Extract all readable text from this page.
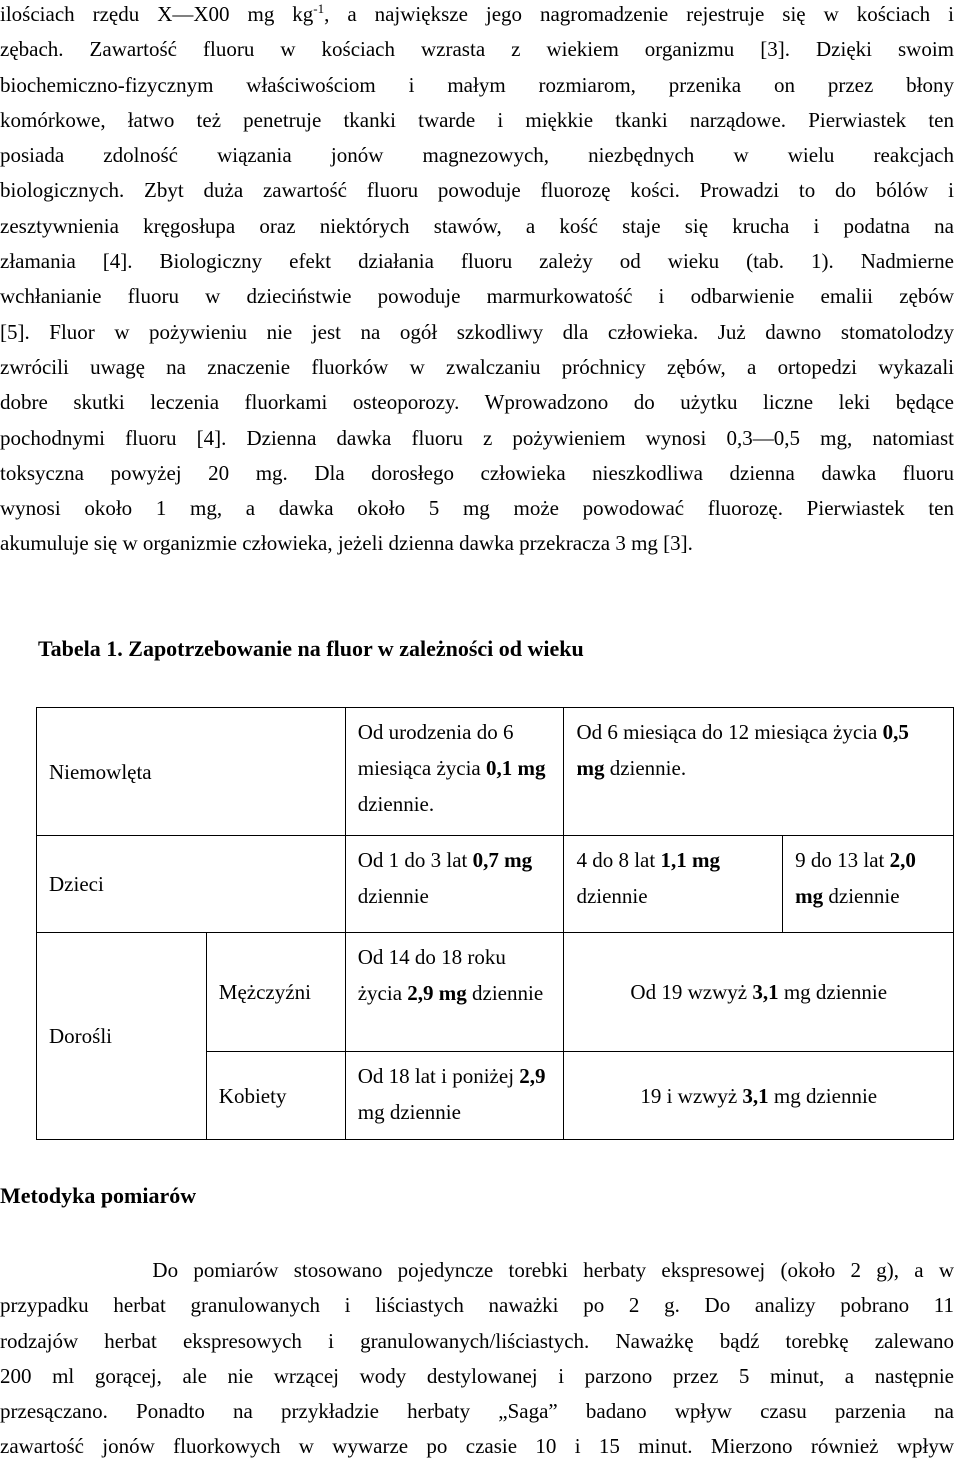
ilościach rzędu X—X00 mg $kg^{-1}$, a największe jego nagromadzenie rejestruje się w kościach i
zębach. Zawartość fluoru w kościach wzrasta z wiekiem organizmu [3]. Dzięki swoim
biochemiczno-fizycznym właściwościom i małym rozmiarom, przenika on przez błony
komórkowe, łatwo też penetruje tkanki twarde i miękkie tkanki narządowe. Pierwiastek ten
posiada zdolność wiązania jonów magnezowych, niezbędnych w wielu reakcjach
biologicznych. Zbyt duża zawartość fluoru powoduje fluorozę kości. Prowadzi to do bólów i
zesztywnienia kręgosłupa oraz niektórych stawów, a kość staje się krucha i podatna na
złamania [4]. Biologiczny efekt działania fluoru zależy od wieku (tab. 1). Nadmierne
wchłanianie fluoru w dzieciństwie powoduje marmurkowatość i odbarwienie emalii zębów
[5]. Fluor w pożywieniu nie jest na ogół szkodliwy dla człowieka. Już dawno stomatolodzy
zwrócili uwagę na znaczenie fluorków w zwalczaniu próchnicy zębów, a ortopedzi wykazali
dobre skutki leczenia fluorkami osteoporozy. Wprowadzono do użytku liczne leki będące
pochodnymi fluoru [4]. Dzienna dawka fluoru z pożywieniem wynosi 0,3—0,5 mg, natomiast
toksyczna powyżej 20 mg. Dla dorosłego człowieka nieszkodliwa dzienna dawka fluoru
wynosi około 1 mg, a dawka około 5 mg może powodować fluorozę. Pierwiastek ten
akumuluje się w organizmie człowieka, jeżeli dzienna dawka przekracza 3 mg [3].

Tabela 1. Zapotrzebowanie na fluor w zależności od wieku

Niemowlęta		Od urodzenia do 6 miesiąca życia 0,1 mg dziennie.	Od 6 miesiąca do 12 miesiąca życia 0,5 mg dziennie.	
Dzieci		Od 1 do 3 lat 0,7 mg dziennie	4 do 8 lat 1,1 mg dziennie	9 do 13 lat 2,0 mg dziennie
Dorośli	Mężczyźni	Od 14 do 18 roku życia 2,9 mg dziennie	Od 19 wzwyż 3,1 mg dziennie	
	Kobiety	Od 18 lat i poniżej 2,9 mg dziennie	19 i wzwyż 3,1 mg dziennie	

Metodyka pomiarów

Do pomiarów stosowano pojedyncze torebki herbaty ekspresowej (około 2 g), a w
przypadku herbat granulowanych i liściastych naważki po 2 g. Do analizy pobrano 11
rodzajów herbat ekspresowych i granulowanych/liściastych. Naważkę bądź torebkę zalewano
200 ml gorącej, ale nie wrzącej wody destylowanej i parzono przez 5 minut, a następnie
przesączano. Ponadto na przykładzie herbaty „Saga” badano wpływ czasu parzenia na
zawartość jonów fluorkowych w wywarze po czasie 10 i 15 minut. Mierzono również wpływ
